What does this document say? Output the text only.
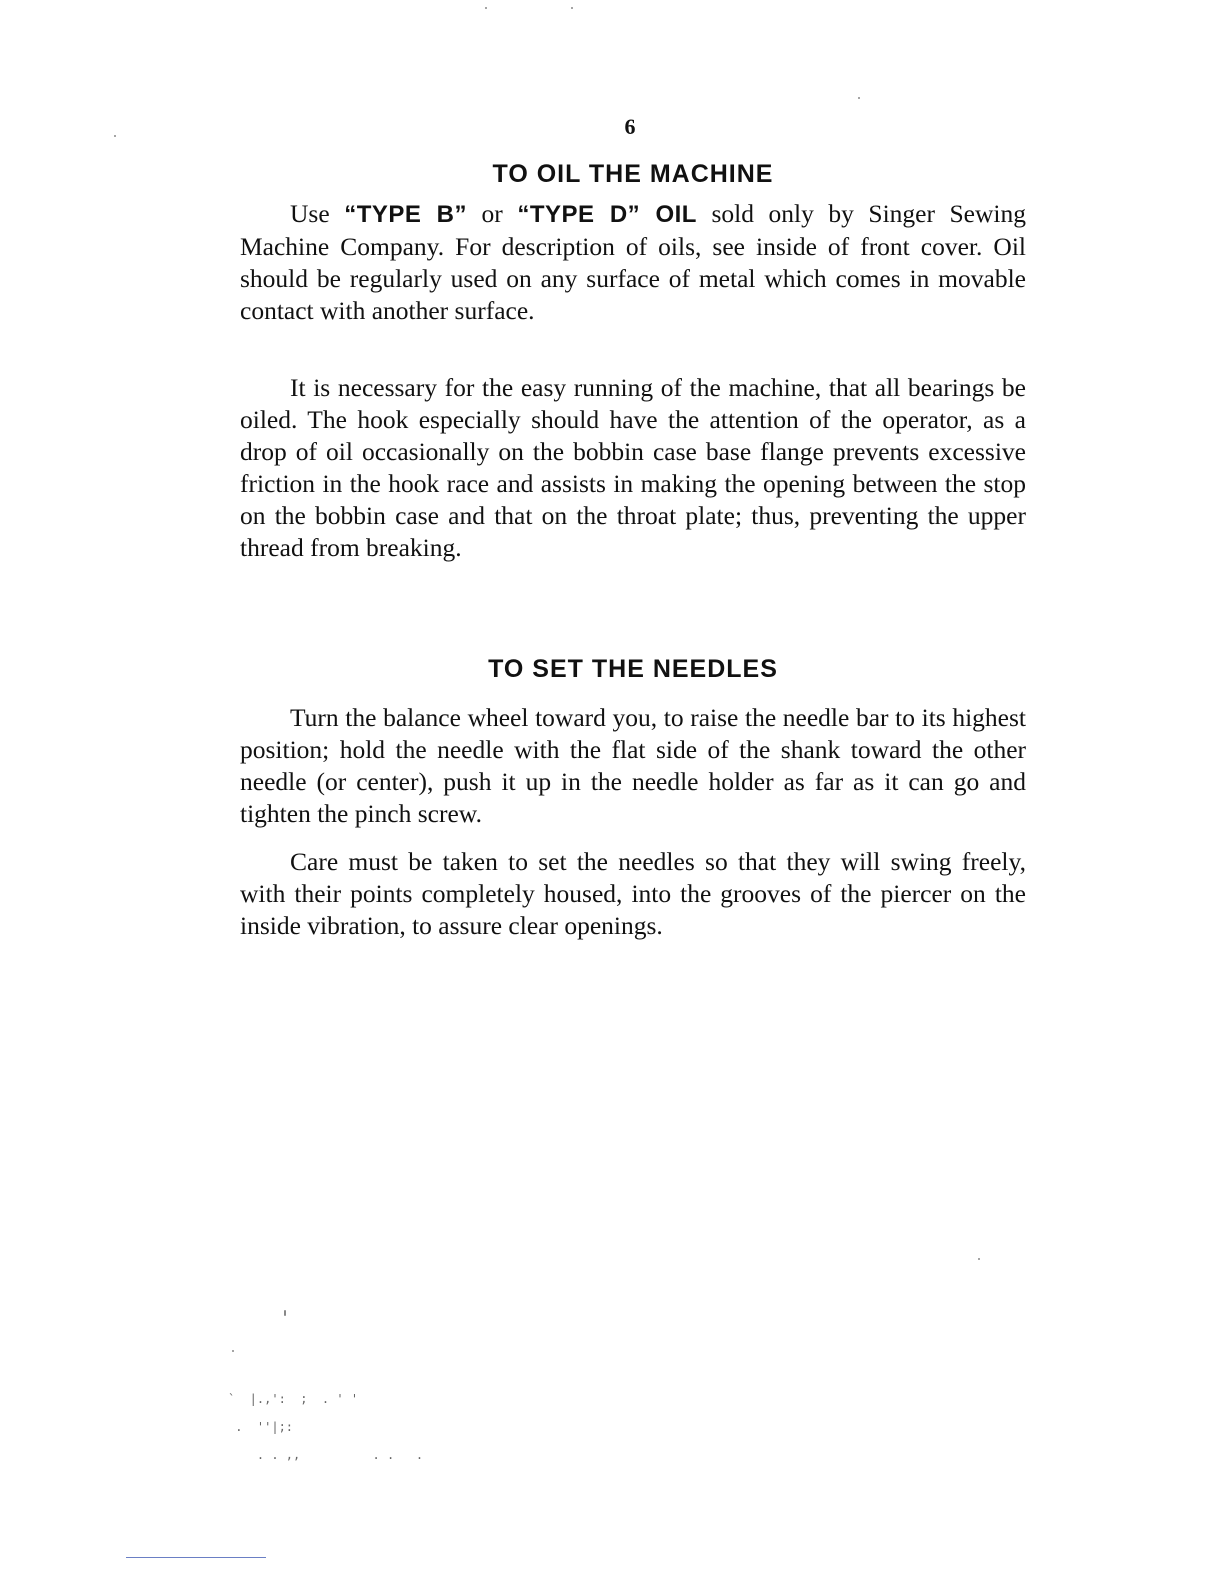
6
TO OIL THE MACHINE

Use “TYPE B” or “TYPE D” OIL sold only by Singer Sewing Machine Company. For description of oils, see inside of front cover. Oil should be regularly used on any surface of metal which comes in movable contact with another surface.

It is necessary for the easy running of the machine, that all bearings be oiled. The hook especially should have the attention of the operator, as a drop of oil occasionally on the bobbin case base flange prevents excessive friction in the hook race and assists in making the opening between the stop on the bobbin case and that on the throat plate; thus, preventing the upper thread from breaking.

TO SET THE NEEDLES

Turn the balance wheel toward you, to raise the needle bar to its highest position; hold the needle with the flat side of the shank toward the other needle (or center), push it up in the needle holder as far as it can go and tighten the pinch screw.

Care must be taken to set the needles so that they will swing freely, with their points completely housed, into the grooves of the piercer on the inside vibration, to assure clear openings.

`  |.,':  ;  . ' '
.  ''|;:
. . ,,          . .   .
